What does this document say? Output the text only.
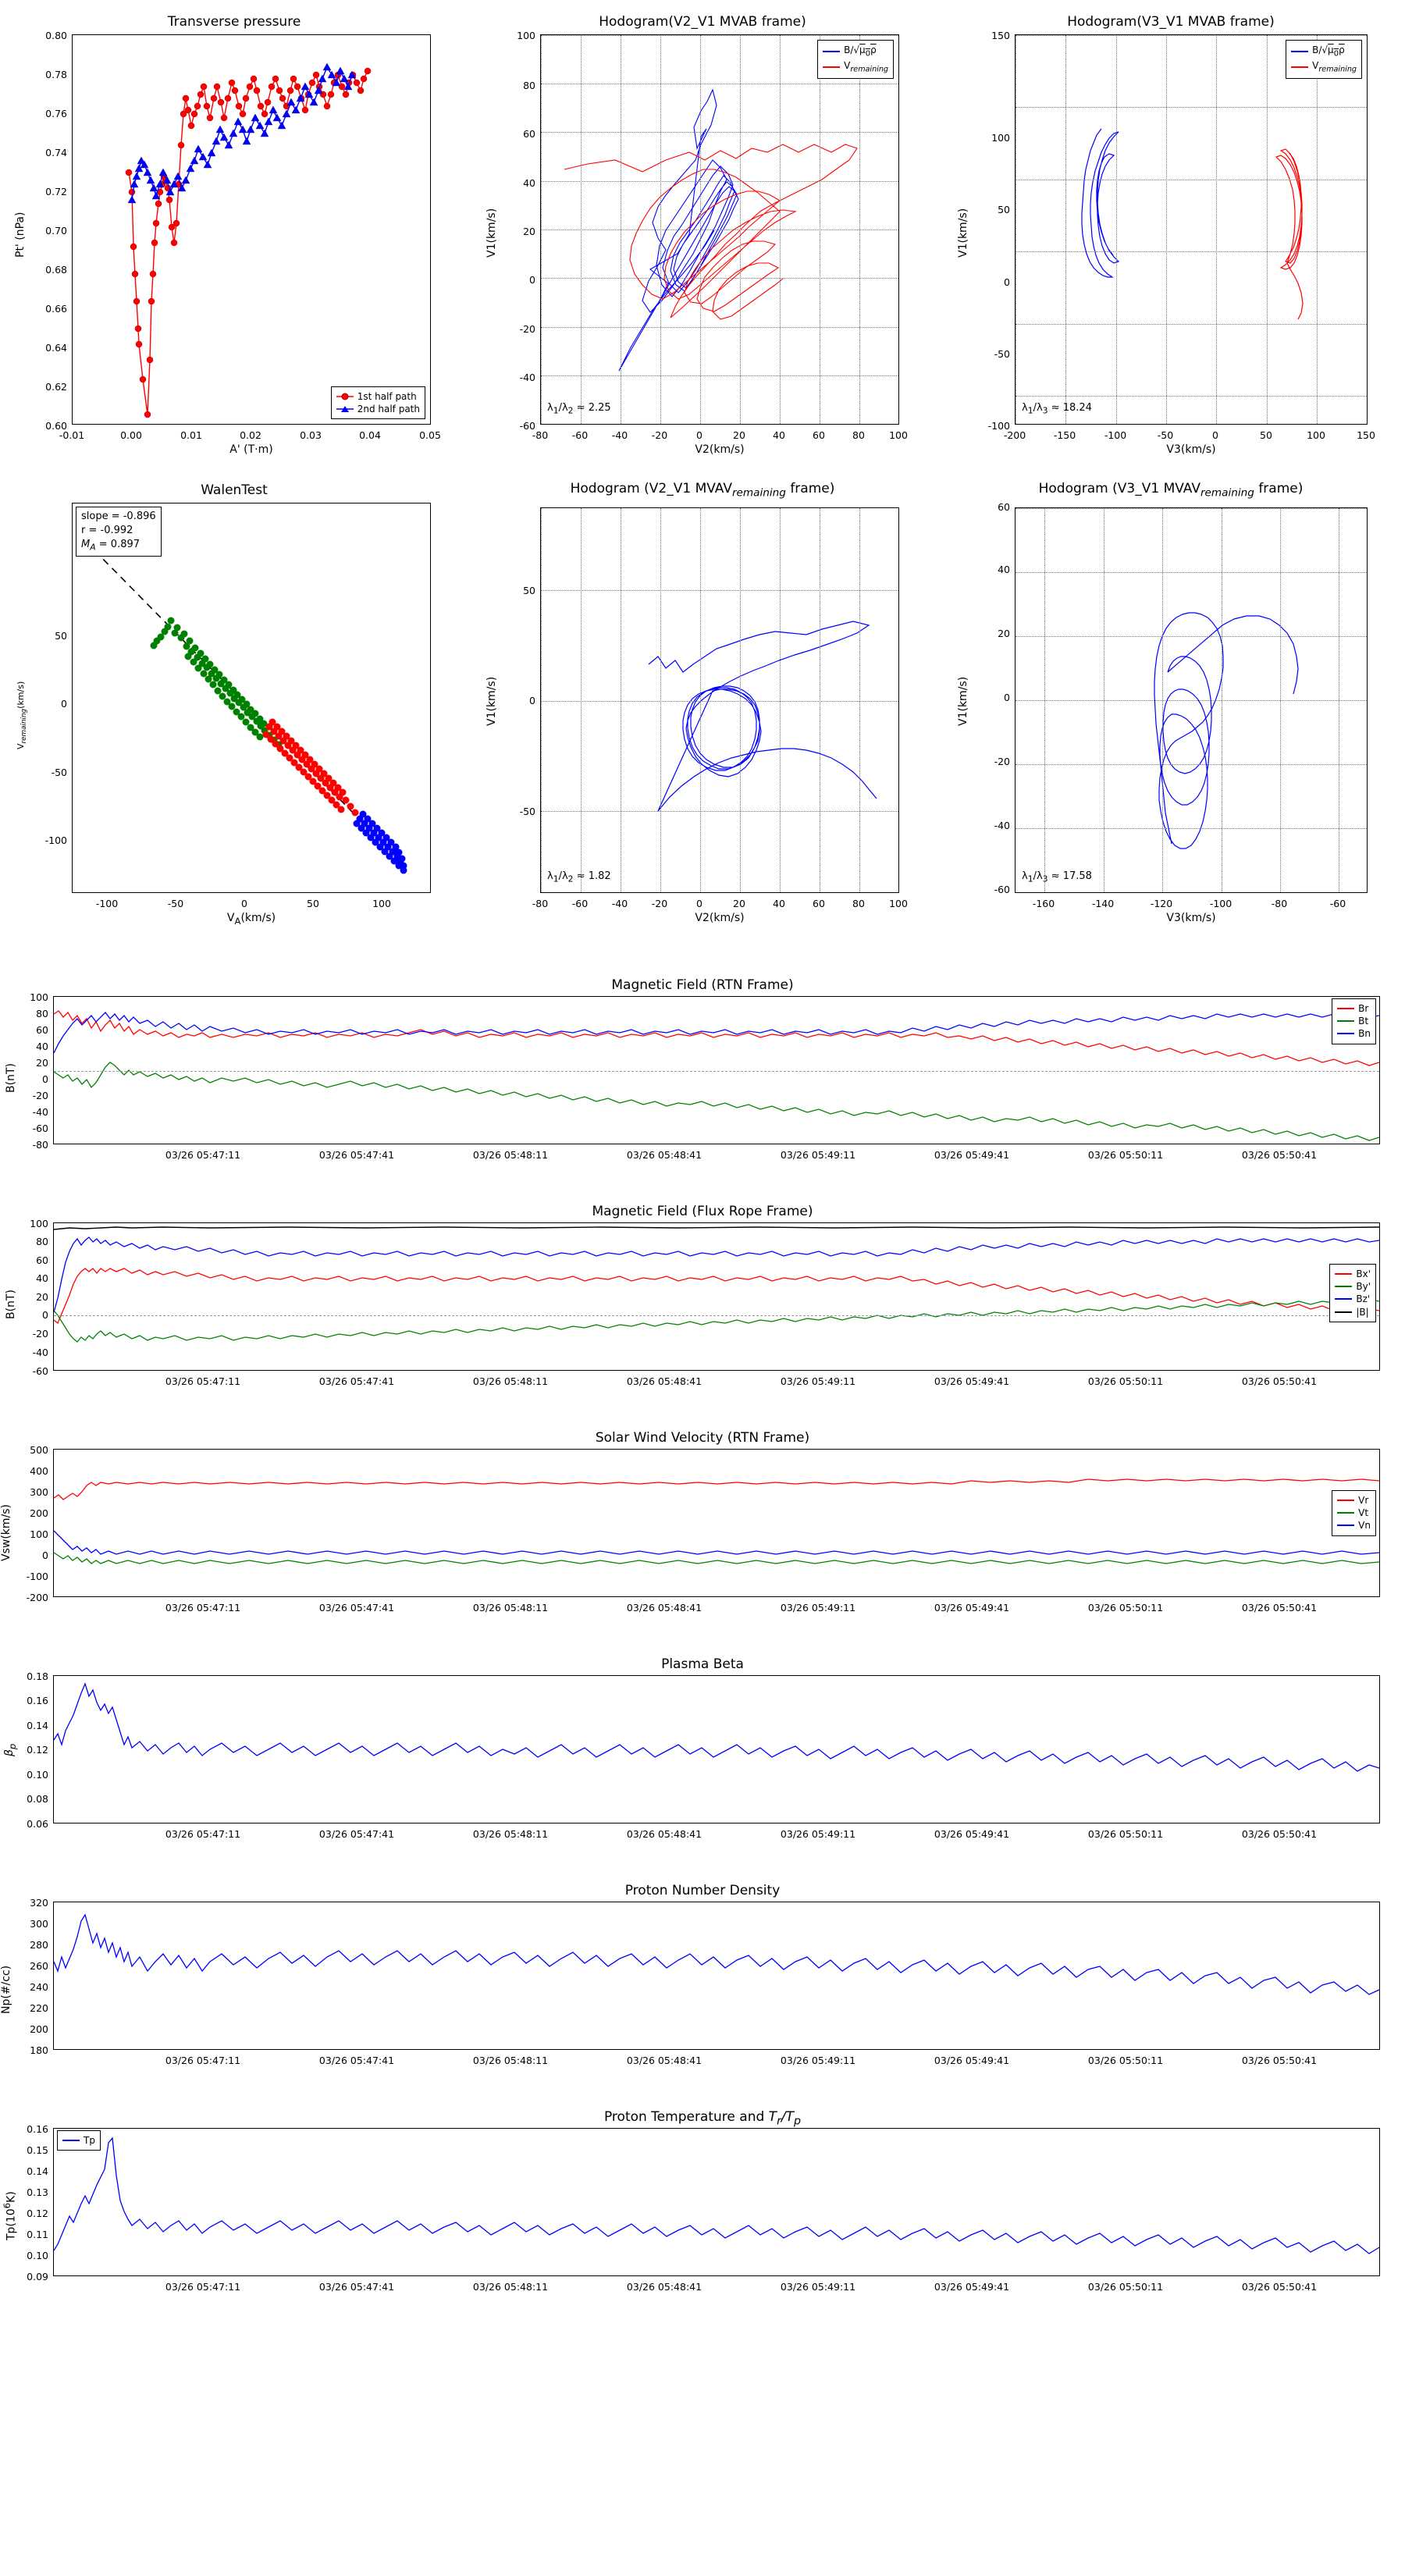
Transverse pressure
1st half path
2nd half path
0.60
0.62
0.64
0.66
0.68
0.70
0.72
0.74
0.76
0.78
0.80
-0.01	0.00	0.01	0.02	0.03	0.04	0.05
Pt' (nPa)
A' (T·m)
Hodogram(V2_V1 MVAB frame)
$B/√\mu_0\rho$
$V_{remaining}$
$\lambda_1/\lambda_2 \approx 2.25$
-60
-40
-20
0
20
40
60
80
100
-80	-60	-40	-20	0	20	40	60	80	100
V1(km/s)
V2(km/s)
Hodogram(V3_V1 MVAB frame)
$B/√\mu_0\rho$
$V_{remaining}$
$\lambda_1/\lambda_3 \approx 18.24$
-100
-50
0
50
100
150
-200	-150	-100	-50	0	50	100	150
V1(km/s)
V3(km/s)
WalenTest
slope = -0.896
r = -0.992
$M_A = 0.897$
-100
-50
0
50
-100	-50	0	50	100
$V_{remaining}(km/s)$
$V_A(km/s)$
Hodogram (V2_V1 $MVAV_{remaining}$ frame)
$\lambda_1/\lambda_2 \approx 1.82$
-50
0
50
-80	-60	-40	-20	0	20	40	60	80	100
V1(km/s)
V2(km/s)
Hodogram (V3_V1 $MVAV_{remaining}$ frame)
$\lambda_1/\lambda_3 \approx 17.58$
-60
-40
-20
0
20
40
60
-160	-140	-120	-100	-80	-60
V1(km/s)
V3(km/s)
Magnetic Field (RTN Frame)
Br
Bt
Bn
100
80
60
40
20
0
-20
-40
-60
-80
B(nT)
03/26 05:47:11	03/26 05:47:41	03/26 05:48:11	03/26 05:48:41	03/26 05:49:11	03/26 05:49:41	03/26 05:50:11	03/26 05:50:41
Magnetic Field (Flux Rope Frame)
Bx'
By'
Bz'
|B|
100
80
60
40
20
0
-20
-40
-60
B(nT)
03/26 05:47:11	03/26 05:47:41	03/26 05:48:11	03/26 05:48:41	03/26 05:49:11	03/26 05:49:41	03/26 05:50:11	03/26 05:50:41
Solar Wind Velocity (RTN Frame)
Vr
Vt
Vn
500
400
300
200
100
0
-100
-200
Vsw(km/s)
03/26 05:47:11	03/26 05:47:41	03/26 05:48:11	03/26 05:48:41	03/26 05:49:11	03/26 05:49:41	03/26 05:50:11	03/26 05:50:41
Plasma Beta
0.18
0.16
0.14
0.12
0.10
0.08
0.06
$\beta_p$
03/26 05:47:11	03/26 05:47:41	03/26 05:48:11	03/26 05:48:41	03/26 05:49:11	03/26 05:49:41	03/26 05:50:11	03/26 05:50:41
Proton Number Density
320
300
280
260
240
220
200
180
Np(#/cc)
03/26 05:47:11	03/26 05:47:41	03/26 05:48:11	03/26 05:48:41	03/26 05:49:11	03/26 05:49:41	03/26 05:50:11	03/26 05:50:41
Proton Temperature and $T_r/T_p$
Tp
0.16
0.15
0.14
0.13
0.12
0.11
0.10
0.09
$Tp(10^6K)$
03/26 05:47:11	03/26 05:47:41	03/26 05:48:11	03/26 05:48:41	03/26 05:49:11	03/26 05:49:41	03/26 05:50:11	03/26 05:50:41
